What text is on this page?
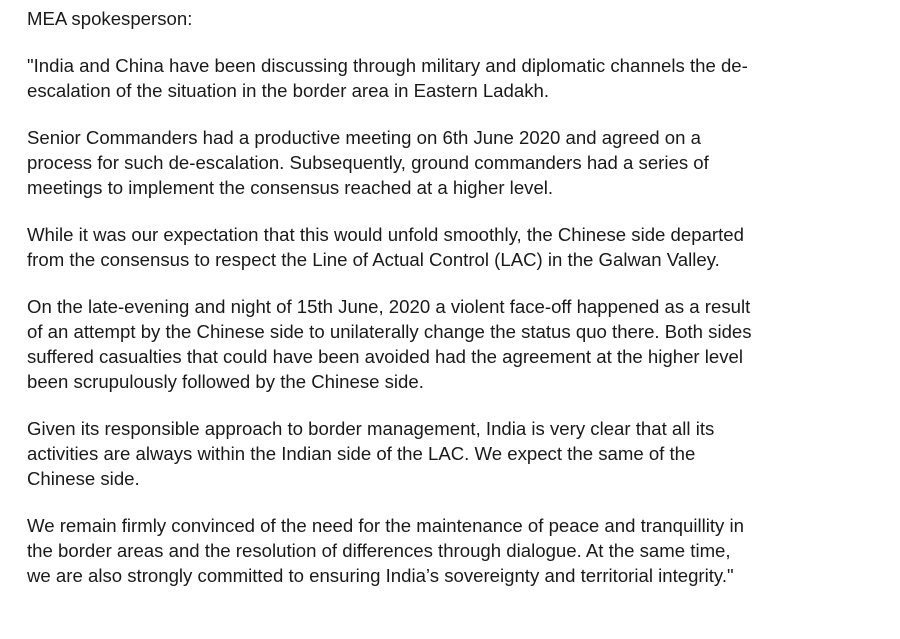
MEA spokesperson:
"India and China have been discussing through military and diplomatic channels the de-
escalation of the situation in the border area in Eastern Ladakh.
Senior Commanders had a productive meeting on 6th June 2020 and agreed on a
process for such de-escalation. Subsequently, ground commanders had a series of
meetings to implement the consensus reached at a higher level.
While it was our expectation that this would unfold smoothly, the Chinese side departed
from the consensus to respect the Line of Actual Control (LAC) in the Galwan Valley.
On the late-evening and night of 15th June, 2020 a violent face-off happened as a result
of an attempt by the Chinese side to unilaterally change the status quo there. Both sides
suffered casualties that could have been avoided had the agreement at the higher level
been scrupulously followed by the Chinese side.
Given its responsible approach to border management, India is very clear that all its
activities are always within the Indian side of the LAC. We expect the same of the
Chinese side.
We remain firmly convinced of the need for the maintenance of peace and tranquillity in
the border areas and the resolution of differences through dialogue. At the same time,
we are also strongly committed to ensuring India’s sovereignty and territorial integrity."
